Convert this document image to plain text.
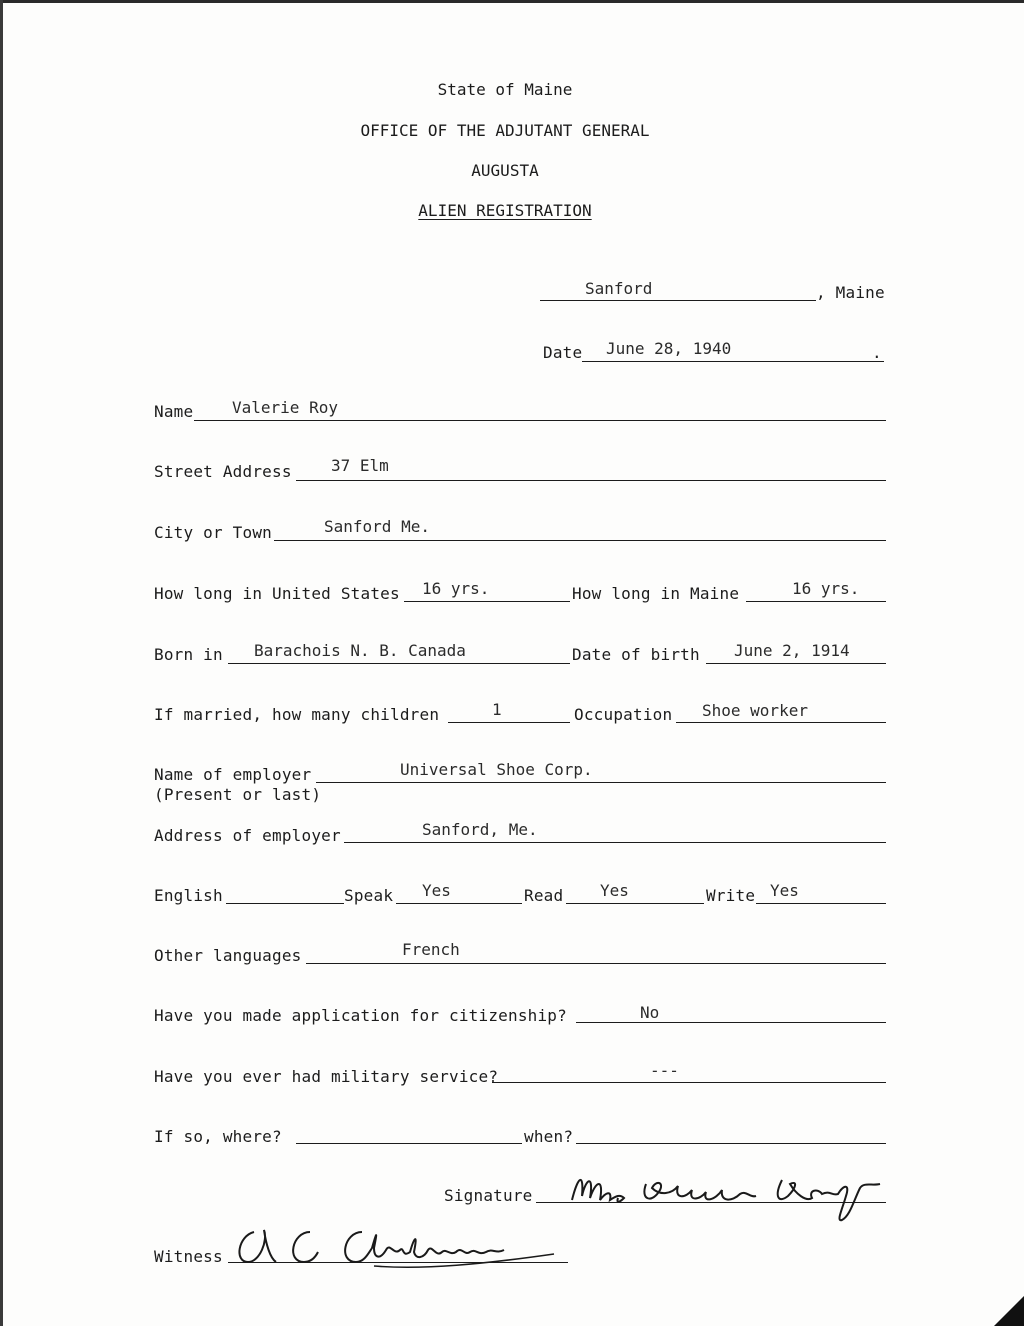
State of Maine
OFFICE OF THE ADJUTANT GENERAL
AUGUSTA
ALIEN REGISTRATION
Sanford	, Maine
Date June 28, 1940	.
Name Valerie Roy
Street Address 37 Elm
City or Town	Sanford Me.
How long in United States 16 yrs.	How long in Maine	16 yrs.
Born in Barachois N. B. Canada	Date of birth June 2, 1914
If married, how many children	1	Occupation Shoe worker
Name of employer
(Present or last)
Universal Shoe Corp.
Address of employer	Sanford, Me.
English	Speak Yes	Read Yes	Write Yes
Other languages	French
Have you made application for citizenship?	No
Have you ever had military service?	---
If so, where?	when?
Signature
Witness
